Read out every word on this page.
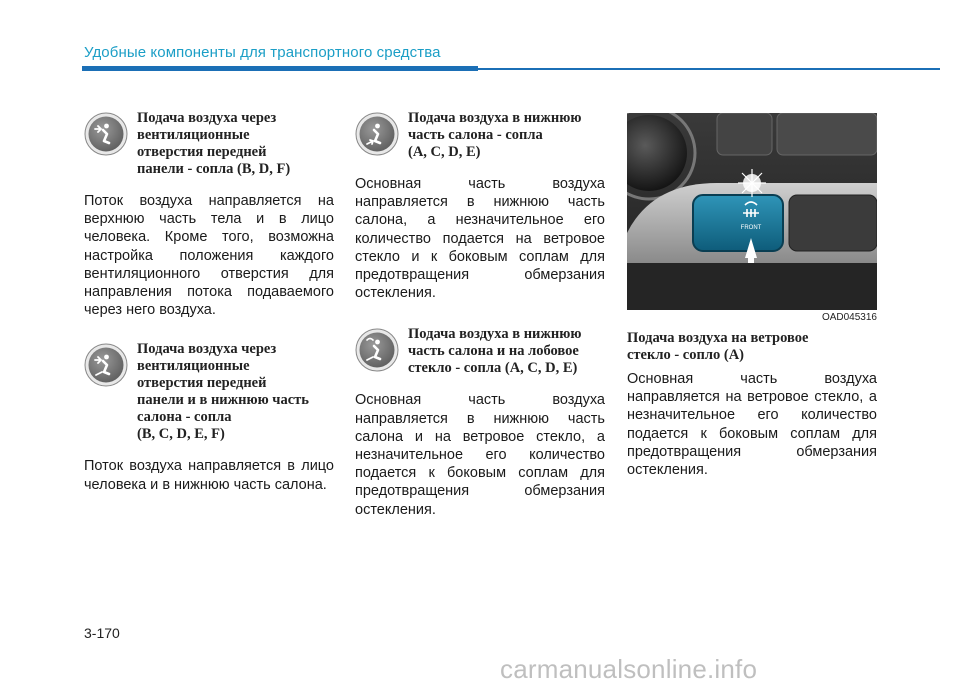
Удобные компоненты для транспортного средства
Подача воздуха через
вентиляционные
отверстия передней
панели - сопла (B, D, F)

Поток воздуха направляется на верхнюю часть тела и в лицо человека. Кроме того, возможна настройка положения каждого вентиляционного отверстия для направления потока подаваемого через него воздуха.

Подача воздуха через
вентиляционные
отверстия передней
панели и в нижнюю часть
салона - сопла
(B, C, D, E, F)

Поток воздуха направляется в лицо человека и в нижнюю часть салона.

Подача воздуха в нижнюю
часть салона - сопла
(A, C, D, E)

Основная часть воздуха направляется в нижнюю часть салона, а незначительное его количество подается на ветровое стекло и к боковым соплам для предотвращения обмерзания остекления.

Подача воздуха в нижнюю
часть салона и на лобовое
стекло - сопла (A, C, D, E)

Основная часть воздуха направляется в нижнюю часть салона и на ветровое стекло, а незначительное его количество подается к боковым соплам для предотвращения обмерзания остекления.

FRONT
OAD045316
Подача воздуха на ветровое
стекло - сопло (A)

Основная часть воздуха направляется на ветровое стекло, а незначительное его количество подается к боковым соплам для предотвращения обмерзания остекления.

3-170
carmanualsonline.info
